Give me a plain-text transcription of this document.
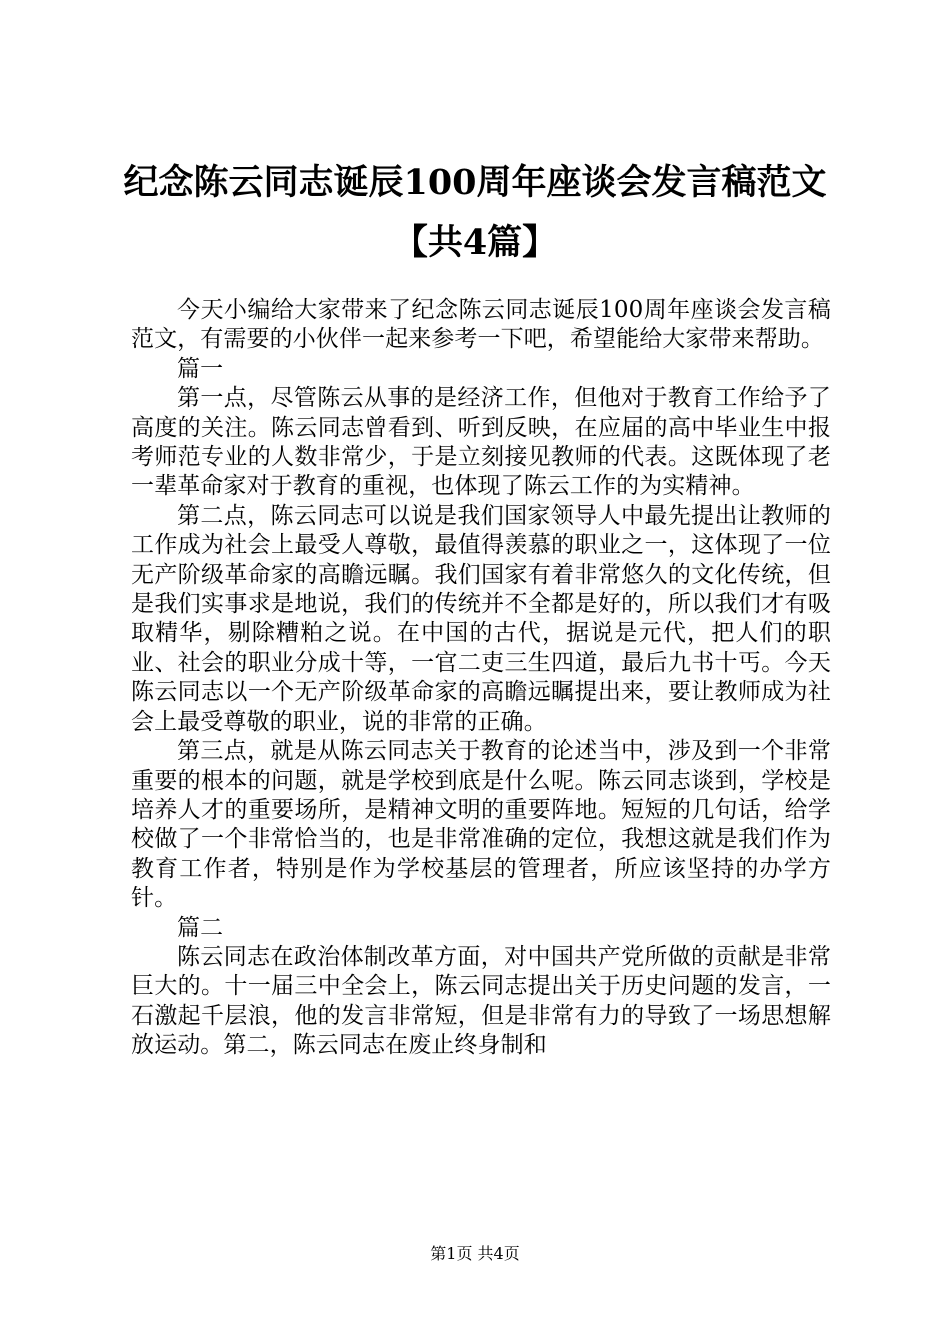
纪念陈云同志诞辰100周年座谈会发言稿范文
【共4篇】

今天小编给大家带来了纪念陈云同志诞辰100周年座谈会发言稿范文，有需要的小伙伴一起来参考一下吧，希望能给大家带来帮助。

篇一

第一点，尽管陈云从事的是经济工作，但他对于教育工作给予了高度的关注。陈云同志曾看到、听到反映，在应届的高中毕业生中报考师范专业的人数非常少，于是立刻接见教师的代表。这既体现了老一辈革命家对于教育的重视，也体现了陈云工作的为实精神。

第二点，陈云同志可以说是我们国家领导人中最先提出让教师的工作成为社会上最受人尊敬，最值得羡慕的职业之一，这体现了一位无产阶级革命家的高瞻远瞩。我们国家有着非常悠久的文化传统，但是我们实事求是地说，我们的传统并不全都是好的，所以我们才有吸取精华，剔除糟粕之说。在中国的古代，据说是元代，把人们的职业、社会的职业分成十等，一官二吏三生四道，最后九书十丐。今天陈云同志以一个无产阶级革命家的高瞻远瞩提出来，要让教师成为社会上最受尊敬的职业，说的非常的正确。

第三点，就是从陈云同志关于教育的论述当中，涉及到一个非常重要的根本的问题，就是学校到底是什么呢。陈云同志谈到，学校是培养人才的重要场所，是精神文明的重要阵地。短短的几句话，给学校做了一个非常恰当的，也是非常准确的定位，我想这就是我们作为教育工作者，特别是作为学校基层的管理者，所应该坚持的办学方针。

篇二

陈云同志在政治体制改革方面，对中国共产党所做的贡献是非常巨大的。十一届三中全会上，陈云同志提出关于历史问题的发言，一石激起千层浪，他的发言非常短，但是非常有力的导致了一场思想解放运动。第二，陈云同志在废止终身制和

第1页 共4页
